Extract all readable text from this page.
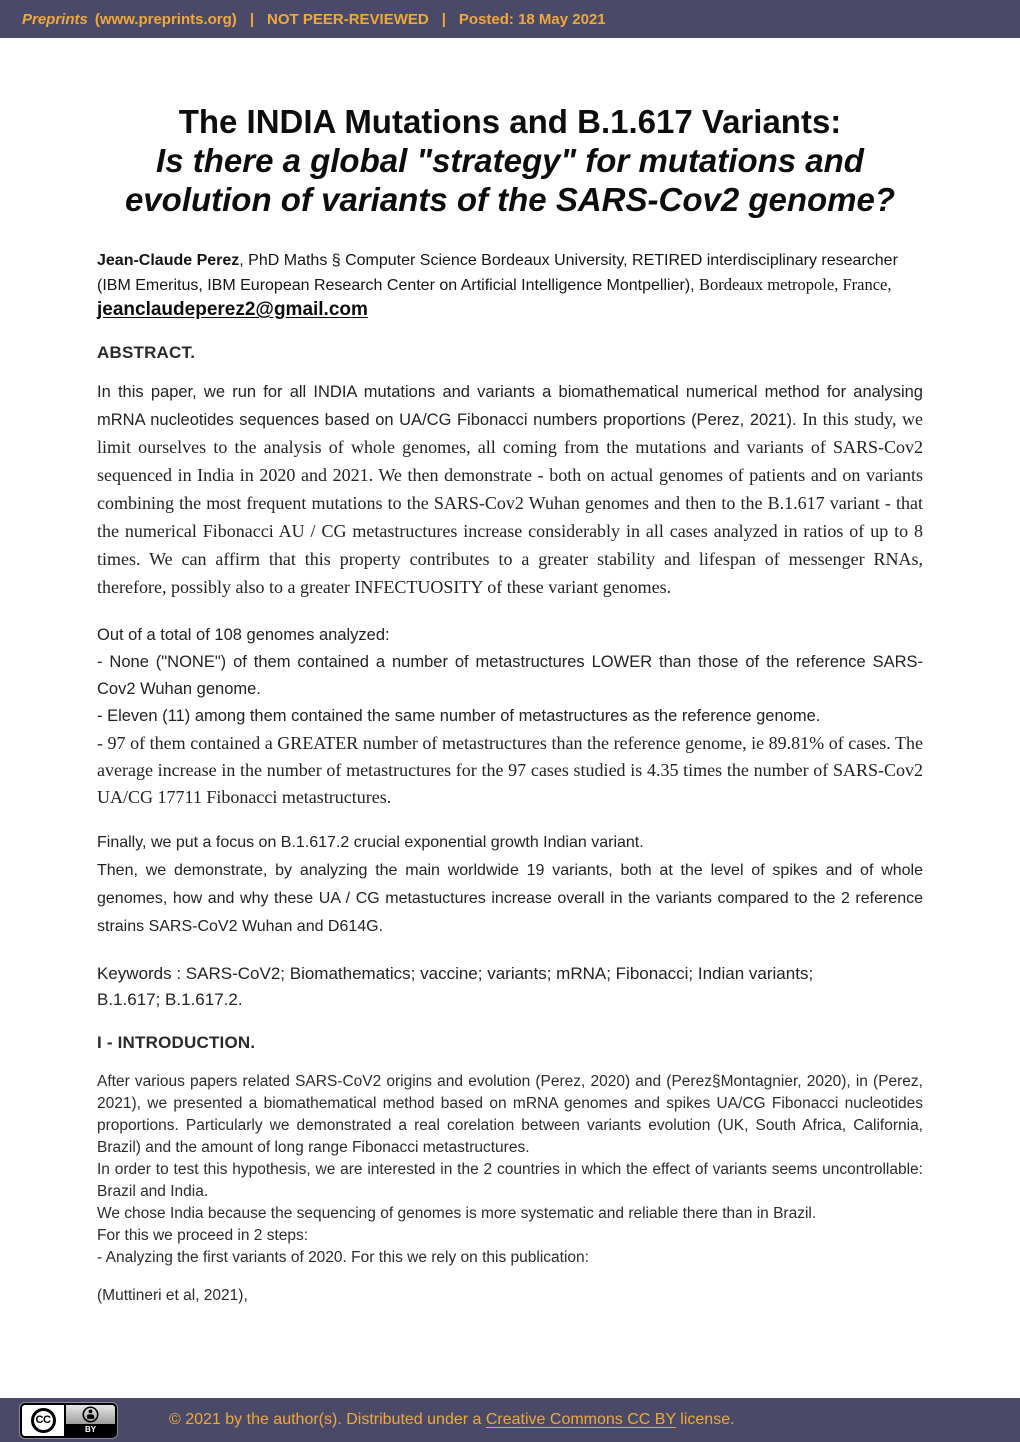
Preprints (www.preprints.org) | NOT PEER-REVIEWED | Posted: 18 May 2021
The INDIA Mutations and B.1.617 Variants:
Is there a global "strategy" for mutations and
evolution of variants of the SARS-Cov2 genome?

Jean-Claude Perez, PhD Maths § Computer Science Bordeaux University, RETIRED interdisciplinary researcher (IBM Emeritus, IBM European Research Center on Artificial Intelligence Montpellier), Bordeaux metropole, France, jeanclaudeperez2@gmail.com

ABSTRACT.

In this paper, we run for all INDIA mutations and variants a biomathematical numerical method for analysing mRNA nucleotides sequences based on UA/CG Fibonacci numbers proportions (Perez, 2021). In this study, we limit ourselves to the analysis of whole genomes, all coming from the mutations and variants of SARS-Cov2 sequenced in India in 2020 and 2021. We then demonstrate - both on actual genomes of patients and on variants combining the most frequent mutations to the SARS-Cov2 Wuhan genomes and then to the B.1.617 variant - that the numerical Fibonacci AU / CG metastructures increase considerably in all cases analyzed in ratios of up to 8 times. We can affirm that this property contributes to a greater stability and lifespan of messenger RNAs, therefore, possibly also to a greater INFECTUOSITY of these variant genomes.

Out of a total of 108 genomes analyzed:
- None ("NONE") of them contained a number of metastructures LOWER than those of the reference SARS-Cov2 Wuhan genome.
- Eleven (11) among them contained the same number of metastructures as the reference genome.
- 97 of them contained a GREATER number of metastructures than the reference genome, ie 89.81% of cases. The average increase in the number of metastructures for the 97 cases studied is 4.35 times the number of SARS-Cov2 UA/CG 17711 Fibonacci metastructures.
Finally, we put a focus on B.1.617.2 crucial exponential growth Indian variant.
Then, we demonstrate, by analyzing the main worldwide 19 variants, both at the level of spikes and of whole genomes, how and why these UA / CG metastuctures increase overall in the variants compared to the 2 reference strains SARS-CoV2 Wuhan and D614G.

Keywords : SARS-CoV2; Biomathematics; vaccine; variants; mRNA; Fibonacci; Indian variants; B.1.617; B.1.617.2.

I - INTRODUCTION.
After various papers related SARS-CoV2 origins and evolution (Perez, 2020) and (Perez§Montagnier, 2020), in (Perez, 2021), we presented a biomathematical method based on mRNA genomes and spikes UA/CG Fibonacci nucleotides proportions. Particularly we demonstrated a real corelation between variants evolution (UK, South Africa, California, Brazil) and the amount of long range Fibonacci metastructures.
In order to test this hypothesis, we are interested in the 2 countries in which the effect of variants seems uncontrollable: Brazil and India.
We chose India because the sequencing of genomes is more systematic and reliable there than in Brazil.
For this we proceed in 2 steps:
- Analyzing the first variants of 2020. For this we rely on this publication:
(Muttineri et al, 2021),
CC
BY

© 2021 by the author(s). Distributed under a Creative Commons CC BY license.
